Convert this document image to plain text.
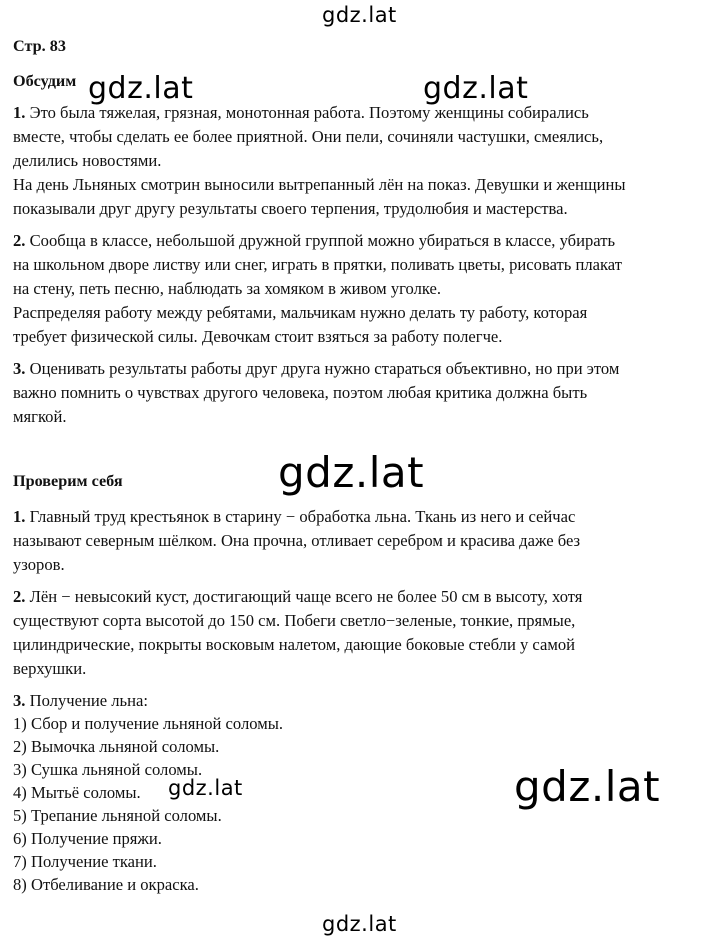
gdz.lat
gdz.lat	gdz.lat
gdz.lat
gdz.lat
gdz.lat
gdz.lat
Стр. 83
Обсудим
1. Это была тяжелая, грязная, монотонная работа. Поэтому женщины собирались
вместе, чтобы сделать ее более приятной. Они пели, сочиняли частушки, смеялись,
делились новостями.
На день Льняных смотрин выносили вытрепанный лён на показ. Девушки и женщины
показывали друг другу результаты своего терпения, трудолюбия и мастерства.
2. Сообща в классе, небольшой дружной группой можно убираться в классе, убирать
на школьном дворе листву или снег, играть в прятки, поливать цветы, рисовать плакат
на стену, петь песню, наблюдать за хомяком в живом уголке.
Распределяя работу между ребятами, мальчикам нужно делать ту работу, которая
требует физической силы. Девочкам стоит взяться за работу полегче.
3. Оценивать результаты работы друг друга нужно стараться объективно, но при этом
важно помнить о чувствах другого человека, поэтом любая критика должна быть
мягкой.
Проверим себя
1. Главный труд крестьянок в старину − обработка льна. Ткань из него и сейчас
называют северным шёлком. Она прочна, отливает серебром и красива даже без
узоров.
2. Лён − невысокий куст, достигающий чаще всего не более 50 см в высоту, хотя
существуют сорта высотой до 150 см. Побеги светло−зеленые, тонкие, прямые,
цилиндрические, покрыты восковым налетом, дающие боковые стебли у самой
верхушки.
3. Получение льна:
1) Сбор и получение льняной соломы.
2) Вымочка льняной соломы.
3) Сушка льняной соломы.
4) Мытьё соломы.
5) Трепание льняной соломы.
6) Получение пряжи.
7) Получение ткани.
8) Отбеливание и окраска.
